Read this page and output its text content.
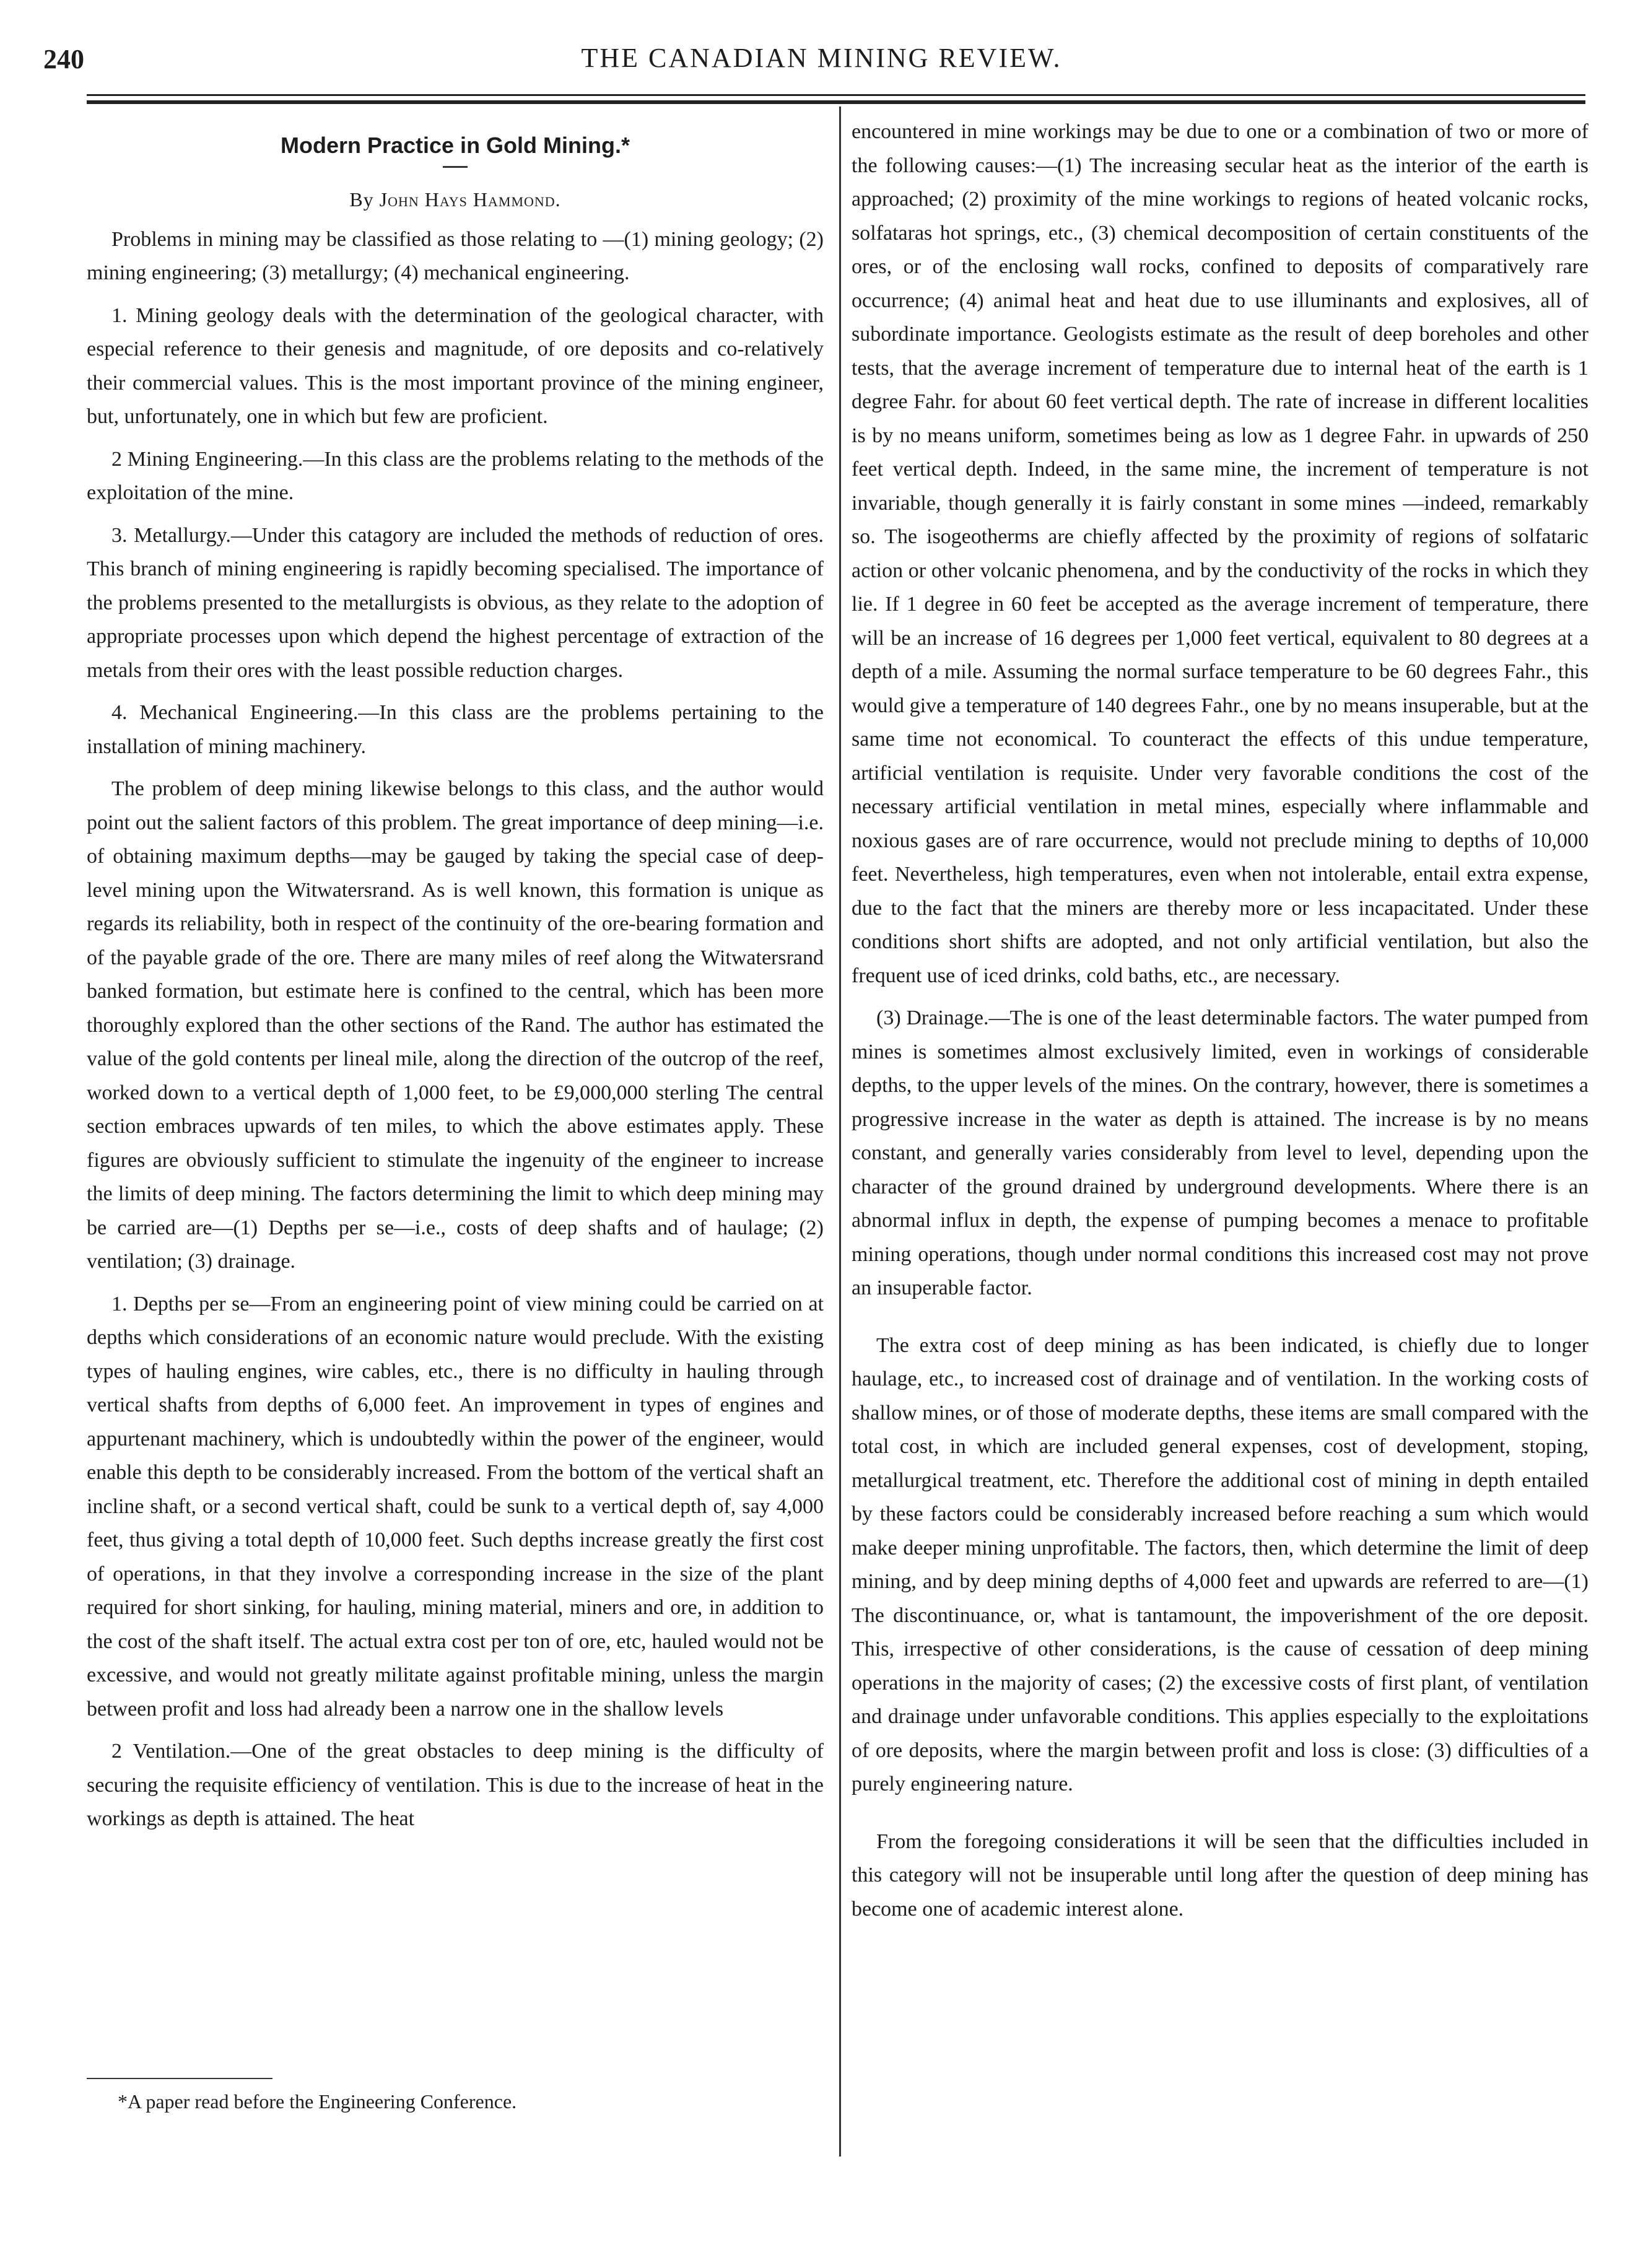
240	THE CANADIAN MINING REVIEW.
Modern Practice in Gold Mining.*
By John Hays Hammond.

Problems in mining may be classified as those relating to —(1) mining geology; (2) mining engineering; (3) metallurgy; (4) mechanical engineering.

1. Mining geology deals with the determination of the geological character, with especial reference to their genesis and magnitude, of ore deposits and co-relatively their commercial values. This is the most important province of the mining engineer, but, unfortunately, one in which but few are proficient.

2 Mining Engineering.—In this class are the problems relating to the methods of the exploitation of the mine.

3. Metallurgy.—Under this catagory are included the methods of reduction of ores. This branch of mining engineering is rapidly becoming specialised. The importance of the problems presented to the metallurgists is obvious, as they relate to the adoption of appropriate processes upon which depend the highest percentage of extraction of the metals from their ores with the least possible reduction charges.

4. Mechanical Engineering.—In this class are the problems pertaining to the installation of mining machinery.

The problem of deep mining likewise belongs to this class, and the author would point out the salient factors of this problem. The great importance of deep mining—i.e. of obtaining maximum depths—may be gauged by taking the special case of deep-level mining upon the Witwatersrand. As is well known, this formation is unique as regards its reliability, both in respect of the continuity of the ore-bearing formation and of the payable grade of the ore. There are many miles of reef along the Witwatersrand banked formation, but estimate here is confined to the central, which has been more thoroughly explored than the other sections of the Rand. The author has estimated the value of the gold contents per lineal mile, along the direction of the outcrop of the reef, worked down to a vertical depth of 1,000 feet, to be £9,000,000 sterling The central section embraces upwards of ten miles, to which the above estimates apply. These figures are obviously sufficient to stimulate the ingenuity of the engineer to increase the limits of deep mining. The factors determining the limit to which deep mining may be carried are—(1) Depths per se—i.e., costs of deep shafts and of haulage; (2) ventilation; (3) drainage.

1. Depths per se—From an engineering point of view mining could be carried on at depths which considerations of an economic nature would preclude. With the existing types of hauling engines, wire cables, etc., there is no difficulty in hauling through vertical shafts from depths of 6,000 feet. An improvement in types of engines and appurtenant machinery, which is undoubtedly within the power of the engineer, would enable this depth to be considerably increased. From the bottom of the vertical shaft an incline shaft, or a second vertical shaft, could be sunk to a vertical depth of, say 4,000 feet, thus giving a total depth of 10,000 feet. Such depths increase greatly the first cost of operations, in that they involve a corresponding increase in the size of the plant required for short sinking, for hauling, mining material, miners and ore, in addition to the cost of the shaft itself. The actual extra cost per ton of ore, etc, hauled would not be excessive, and would not greatly militate against profitable mining, unless the margin between profit and loss had already been a narrow one in the shallow levels

2 Ventilation.—One of the great obstacles to deep mining is the difficulty of securing the requisite efficiency of ventilation. This is due to the increase of heat in the workings as depth is attained. The heat

encountered in mine workings may be due to one or a combination of two or more of the following causes:—(1) The increasing secular heat as the interior of the earth is approached; (2) proximity of the mine workings to regions of heated volcanic rocks, solfataras hot springs, etc., (3) chemical decomposition of certain constituents of the ores, or of the enclosing wall rocks, confined to deposits of comparatively rare occurrence; (4) animal heat and heat due to use illuminants and explosives, all of subordinate importance. Geologists estimate as the result of deep boreholes and other tests, that the average increment of temperature due to internal heat of the earth is 1 degree Fahr. for about 60 feet vertical depth. The rate of increase in different localities is by no means uniform, sometimes being as low as 1 degree Fahr. in upwards of 250 feet vertical depth. Indeed, in the same mine, the increment of temperature is not invariable, though generally it is fairly constant in some mines —indeed, remarkably so. The isogeotherms are chiefly affected by the proximity of regions of solfataric action or other volcanic phenomena, and by the conductivity of the rocks in which they lie. If 1 degree in 60 feet be accepted as the average increment of temperature, there will be an increase of 16 degrees per 1,000 feet vertical, equivalent to 80 degrees at a depth of a mile. Assuming the normal surface temperature to be 60 degrees Fahr., this would give a temperature of 140 degrees Fahr., one by no means insuperable, but at the same time not economical. To counteract the effects of this undue temperature, artificial ventilation is requisite. Under very favorable conditions the cost of the necessary artificial ventilation in metal mines, especially where inflammable and noxious gases are of rare occurrence, would not preclude mining to depths of 10,000 feet. Nevertheless, high temperatures, even when not intolerable, entail extra expense, due to the fact that the miners are thereby more or less incapacitated. Under these conditions short shifts are adopted, and not only artificial ventilation, but also the frequent use of iced drinks, cold baths, etc., are necessary.

(3) Drainage.—The is one of the least determinable factors. The water pumped from mines is sometimes almost exclusively limited, even in workings of considerable depths, to the upper levels of the mines. On the contrary, however, there is sometimes a progressive increase in the water as depth is attained. The increase is by no means constant, and generally varies considerably from level to level, depending upon the character of the ground drained by underground developments. Where there is an abnormal influx in depth, the expense of pumping becomes a menace to profitable mining operations, though under normal conditions this increased cost may not prove an insuperable factor.

The extra cost of deep mining as has been indicated, is chiefly due to longer haulage, etc., to increased cost of drainage and of ventilation. In the working costs of shallow mines, or of those of moderate depths, these items are small compared with the total cost, in which are included general expenses, cost of development, stoping, metallurgical treatment, etc. Therefore the additional cost of mining in depth entailed by these factors could be considerably increased before reaching a sum which would make deeper mining unprofitable. The factors, then, which determine the limit of deep mining, and by deep mining depths of 4,000 feet and upwards are referred to are—(1) The discontinuance, or, what is tantamount, the impoverishment of the ore deposit. This, irrespective of other considerations, is the cause of cessation of deep mining operations in the majority of cases; (2) the excessive costs of first plant, of ventilation and drainage under unfavorable conditions. This applies especially to the exploitations of ore deposits, where the margin between profit and loss is close: (3) difficulties of a purely engineering nature.

From the foregoing considerations it will be seen that the difficulties included in this category will not be insuperable until long after the question of deep mining has become one of academic interest alone.

*A paper read before the Engineering Conference.
